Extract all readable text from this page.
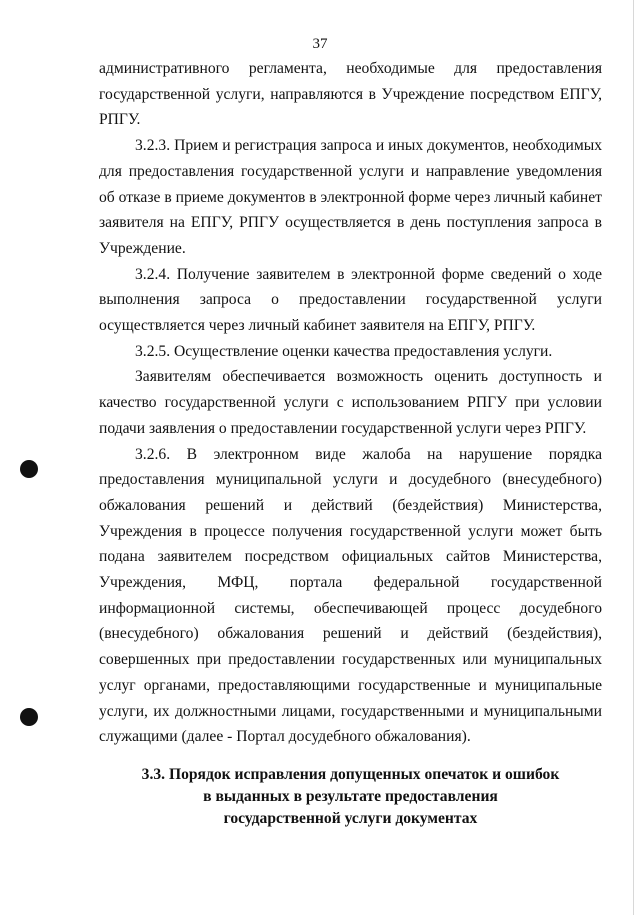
37

административного регламента, необходимые для предоставления государственной услуги, направляются в Учреждение посредством ЕПГУ, РПГУ.

3.2.3. Прием и регистрация запроса и иных документов, необходимых для предоставления государственной услуги и направление уведомления об отказе в приеме документов в электронной форме через личный кабинет заявителя на ЕПГУ, РПГУ осуществляется в день поступления запроса в Учреждение.

3.2.4. Получение заявителем в электронной форме сведений о ходе выполнения запроса о предоставлении государственной услуги осуществляется через личный кабинет заявителя на ЕПГУ, РПГУ.

3.2.5. Осуществление оценки качества предоставления услуги.

Заявителям обеспечивается возможность оценить доступность и качество государственной услуги с использованием РПГУ при условии подачи заявления о предоставлении государственной услуги через РПГУ.

3.2.6. В электронном виде жалоба на нарушение порядка предоставления муниципальной услуги и досудебного (внесудебного) обжалования решений и действий (бездействия) Министерства, Учреждения в процессе получения государственной услуги может быть подана заявителем посредством официальных сайтов Министерства, Учреждения, МФЦ, портала федеральной государственной информационной системы, обеспечивающей процесс досудебного (внесудебного) обжалования решений и действий (бездействия), совершенных при предоставлении государственных или муниципальных услуг органами, предоставляющими государственные и муниципальные услуги, их должностными лицами, государственными и муниципальными служащими (далее - Портал досудебного обжалования).

3.3. Порядок исправления допущенных опечаток и ошибок
в выданных в результате предоставления
государственной услуги документах
